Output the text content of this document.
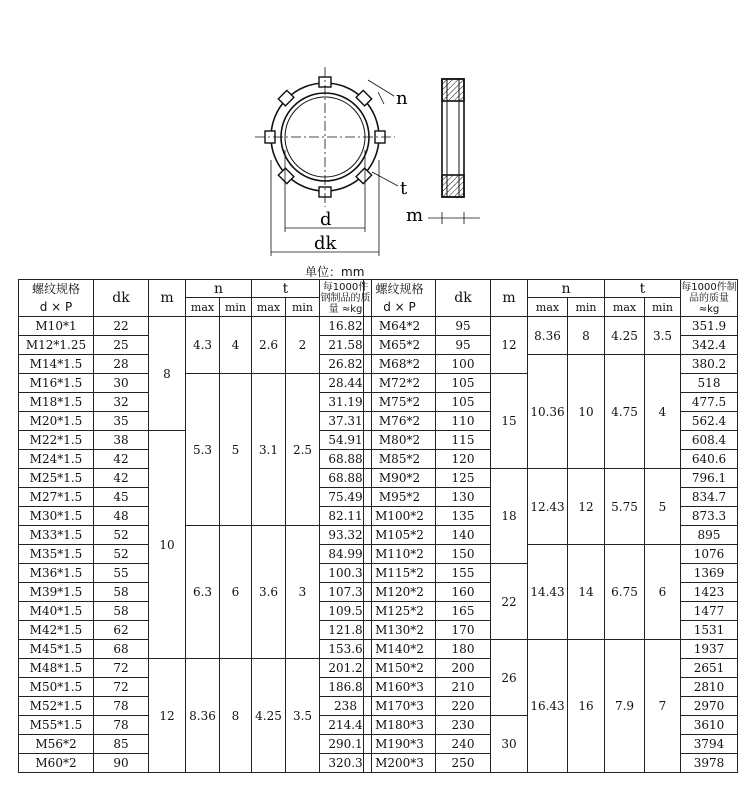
n
t
d
dk
m
单位：mm
螺纹规格
d × P	dk	m	n		t		每1000件钢制品的质量 ≈kg
			max	min	max	min	
M10*1	22	8	4.3	4	2.6	2	16.82
M12*1.25	25						21.58
M14*1.5	28						26.82
M16*1.5	30		5.3	5	3.1	2.5	28.44
M18*1.5	32						31.19
M20*1.5	35						37.31
M22*1.5	38	10					54.91
M24*1.5	42						68.88
M25*1.5	42						68.88
M27*1.5	45						75.49
M30*1.5	48						82.11
M33*1.5	52		6.3	6	3.6	3	93.32
M35*1.5	52						84.99
M36*1.5	55						100.3
M39*1.5	58						107.3
M40*1.5	58						109.5
M42*1.5	62						121.8
M45*1.5	68						153.6
M48*1.5	72	12	8.36	8	4.25	3.5	201.2
M50*1.5	72						186.8
M52*1.5	78						238
M55*1.5	78						214.4
M56*2	85						290.1
M60*2	90						320.3
螺纹规格
d × P	dk	m	n		t		每1000件制品的质量 ≈kg
			max	min	max	min	
M64*2	95	12	8.36	8	4.25	3.5	351.9
M65*2	95						342.4
M68*2	100		10.36	10	4.75	4	380.2
M72*2	105	15					518
M75*2	105						477.5
M76*2	110						562.4
M80*2	115						608.4
M85*2	120						640.6
M90*2	125	18	12.43	12	5.75	5	796.1
M95*2	130						834.7
M100*2	135						873.3
M105*2	140						895
M110*2	150		14.43	14	6.75	6	1076
M115*2	155	22					1369
M120*2	160						1423
M125*2	165						1477
M130*2	170						1531
M140*2	180	26	16.43	16	7.9	7	1937
M150*2	200						2651
M160*3	210						2810
M170*3	220						2970
M180*3	230	30					3610
M190*3	240						3794
M200*3	250						3978
